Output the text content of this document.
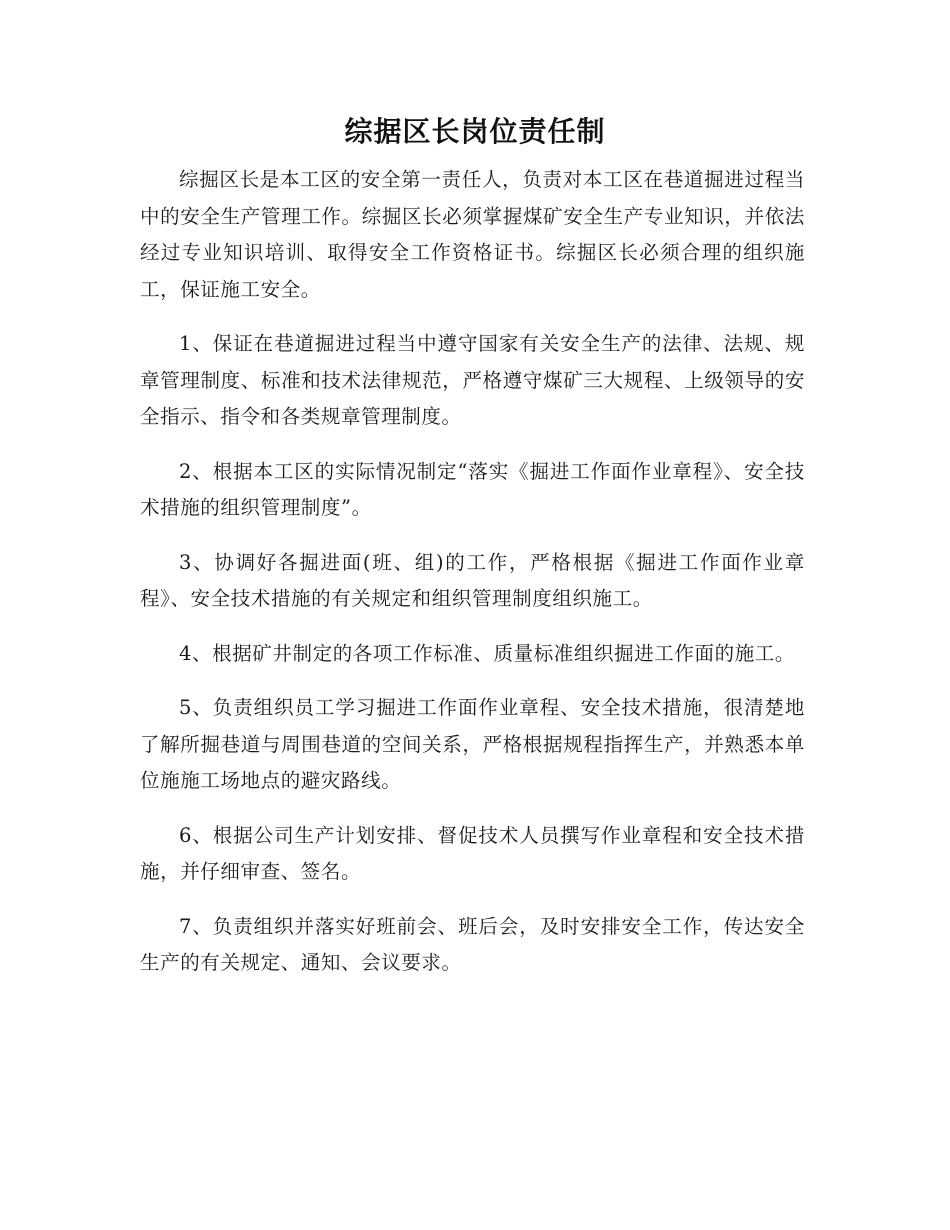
综据区长岗位责任制

综掘区长是本工区的安全第一责任人，负责对本工区在巷道掘进过程当中的安全生产管理工作。综掘区长必须掌握煤矿安全生产专业知识，并依法经过专业知识培训、取得安全工作资格证书。综掘区长必须合理的组织施工，保证施工安全。

1、保证在巷道掘进过程当中遵守国家有关安全生产的法律、法规、规章管理制度、标准和技术法律规范，严格遵守煤矿三大规程、上级领导的安全指示、指令和各类规章管理制度。

2、根据本工区的实际情况制定“落实《掘进工作面作业章程》、安全技术措施的组织管理制度”。

3、协调好各掘进面(班、组)的工作，严格根据《掘进工作面作业章程》、安全技术措施的有关规定和组织管理制度组织施工。

4、根据矿井制定的各项工作标准、质量标准组织掘进工作面的施工。

5、负责组织员工学习掘进工作面作业章程、安全技术措施，很清楚地了解所掘巷道与周围巷道的空间关系，严格根据规程指挥生产，并熟悉本单位施施工场地点的避灾路线。

6、根据公司生产计划安排、督促技术人员撰写作业章程和安全技术措施，并仔细审查、签名。

7、负责组织并落实好班前会、班后会，及时安排安全工作，传达安全生产的有关规定、通知、会议要求。
